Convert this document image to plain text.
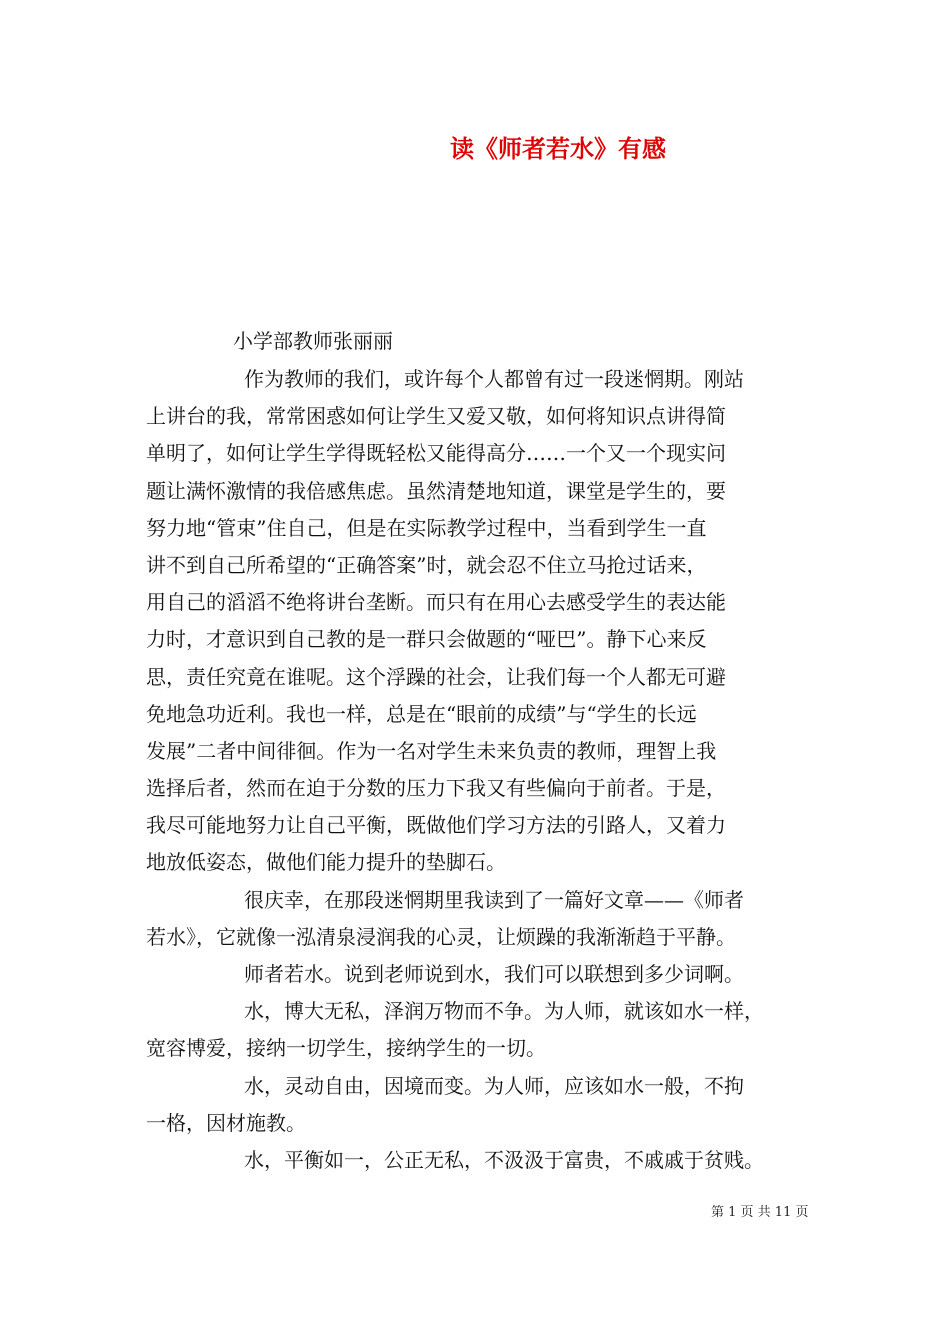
读《师者若水》有感
小学部教师张丽丽
作为教师的我们，或许每个人都曾有过一段迷惘期。刚站
上讲台的我，常常困惑如何让学生又爱又敬，如何将知识点讲得简
单明了，如何让学生学得既轻松又能得高分……一个又一个现实问
题让满怀激情的我倍感焦虑。虽然清楚地知道，课堂是学生的，要
努力地“管束”住自己，但是在实际教学过程中，当看到学生一直
讲不到自己所希望的“正确答案”时，就会忍不住立马抢过话来，
用自己的滔滔不绝将讲台垄断。而只有在用心去感受学生的表达能
力时，才意识到自己教的是一群只会做题的“哑巴”。静下心来反
思，责任究竟在谁呢。这个浮躁的社会，让我们每一个人都无可避
免地急功近利。我也一样，总是在“眼前的成绩”与“学生的长远
发展”二者中间徘徊。作为一名对学生未来负责的教师，理智上我
选择后者，然而在迫于分数的压力下我又有些偏向于前者。于是，
我尽可能地努力让自己平衡，既做他们学习方法的引路人，又着力
地放低姿态，做他们能力提升的垫脚石。
很庆幸，在那段迷惘期里我读到了一篇好文章——《师者
若水》，它就像一泓清泉浸润我的心灵，让烦躁的我渐渐趋于平静。
师者若水。说到老师说到水，我们可以联想到多少词啊。
水，博大无私，泽润万物而不争。为人师，就该如水一样，
宽容博爱，接纳一切学生，接纳学生的一切。
水，灵动自由，因境而变。为人师，应该如水一般，不拘
一格，因材施教。
水，平衡如一，公正无私，不汲汲于富贵，不戚戚于贫贱。
第 1 页 共 11 页
